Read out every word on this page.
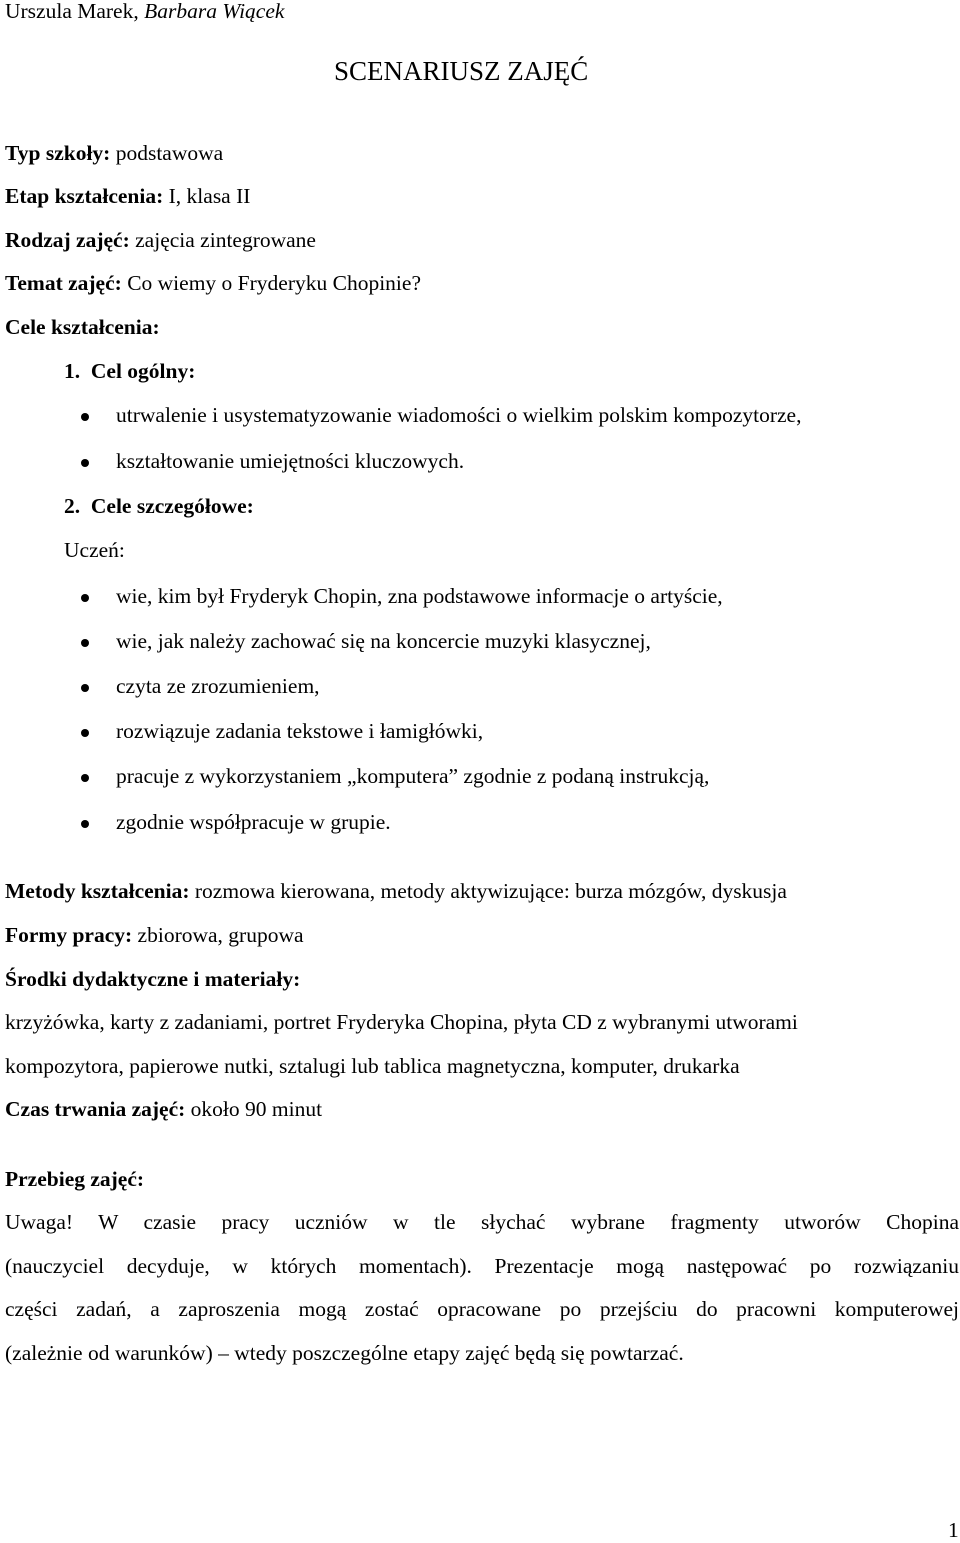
Urszula Marek, Barbara Wiącek
SCENARIUSZ ZAJĘĆ
Typ szkoły: podstawowa
Etap kształcenia: I, klasa II
Rodzaj zajęć: zajęcia zintegrowane
Temat zajęć: Co wiemy o Fryderyku Chopinie?
Cele kształcenia:
1.  Cel ogólny:
utrwalenie i usystematyzowanie wiadomości o wielkim polskim kompozytorze,
kształtowanie umiejętności kluczowych.
2.  Cele szczegółowe:
Uczeń:
wie, kim był Fryderyk Chopin, zna podstawowe informacje o artyście,
wie, jak należy zachować się na koncercie muzyki klasycznej,
czyta ze zrozumieniem,
rozwiązuje zadania tekstowe i łamigłówki,
pracuje z wykorzystaniem „komputera” zgodnie z podaną instrukcją,
zgodnie współpracuje w grupie.
Metody kształcenia: rozmowa kierowana, metody aktywizujące: burza mózgów, dyskusja
Formy pracy: zbiorowa, grupowa
Środki dydaktyczne i materiały:
krzyżówka, karty z zadaniami, portret Fryderyka Chopina, płyta CD z wybranymi utworami
kompozytora, papierowe nutki, sztalugi lub tablica magnetyczna, komputer, drukarka
Czas trwania zajęć: około 90 minut
Przebieg zajęć:
Uwaga! W czasie pracy uczniów w tle słychać wybrane fragmenty utworów Chopina
(nauczyciel decyduje, w których momentach). Prezentacje mogą następować po rozwiązaniu
części zadań, a zaproszenia mogą zostać opracowane po przejściu do pracowni komputerowej
(zależnie od warunków) – wtedy poszczególne etapy zajęć będą się powtarzać.
1
